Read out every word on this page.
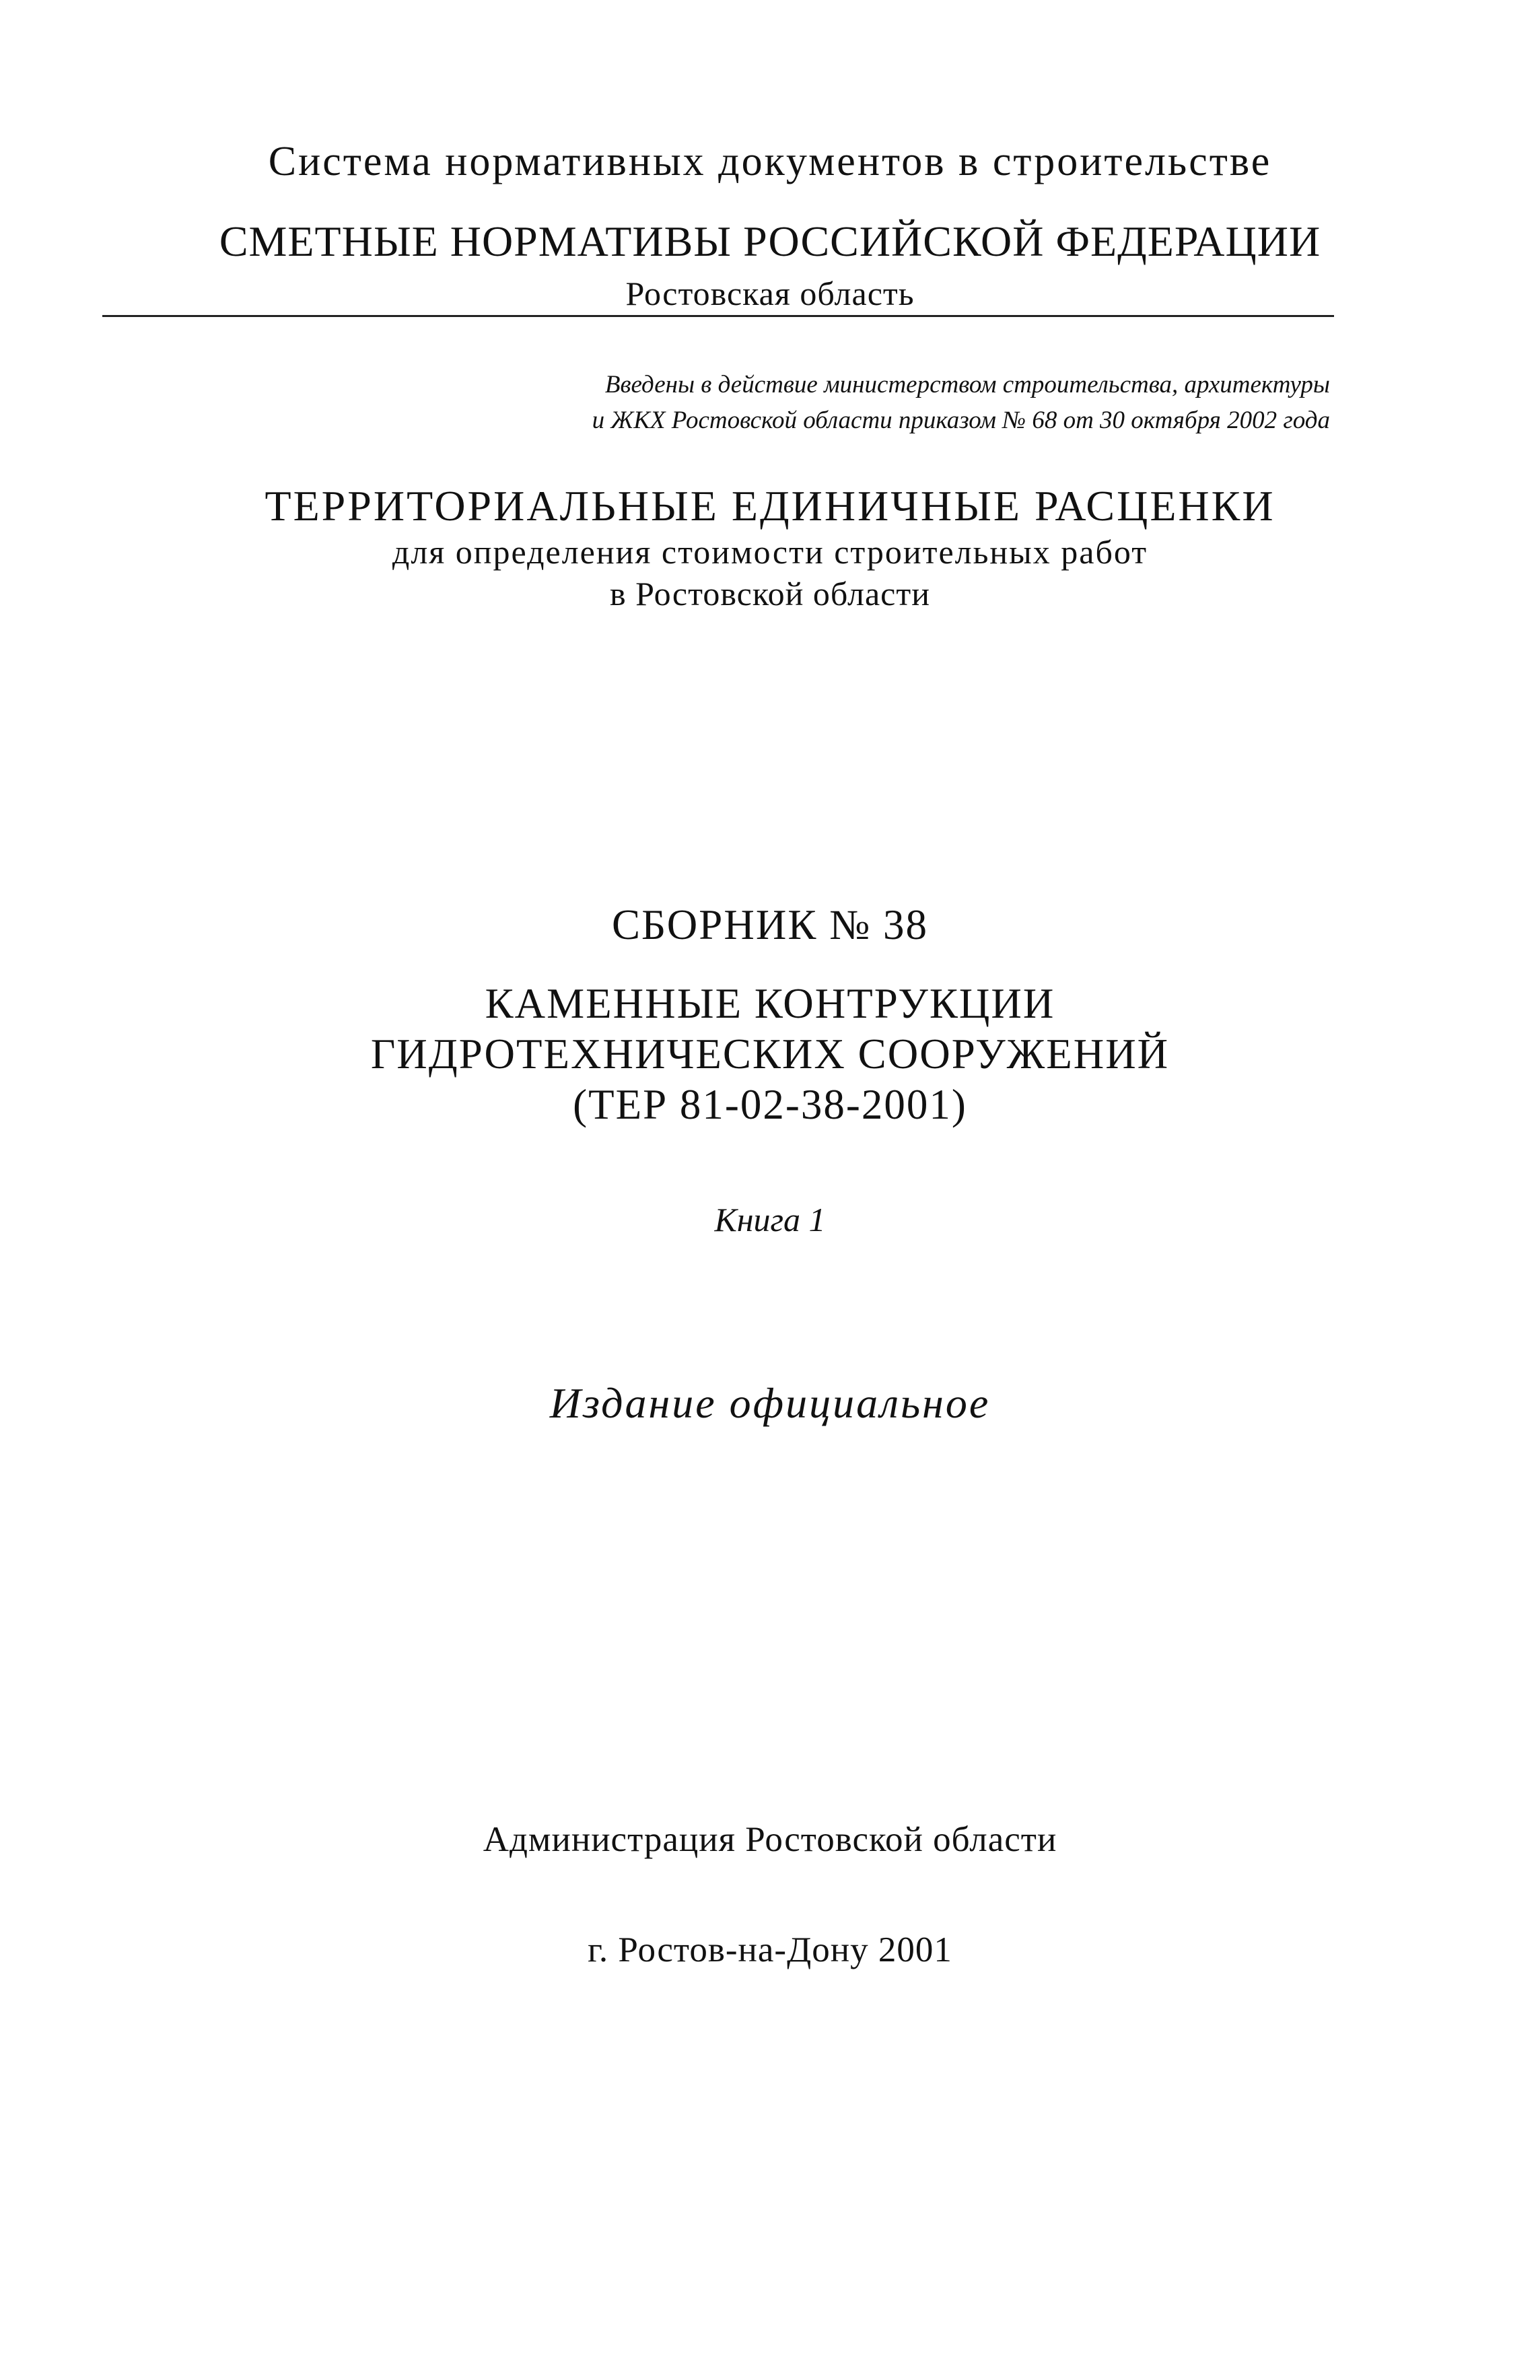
Система нормативных документов в строительстве
СМЕТНЫЕ НОРМАТИВЫ РОССИЙСКОЙ ФЕДЕРАЦИИ
Ростовская область
Введены в действие министерством строительства, архитектуры
и ЖКХ Ростовской области приказом № 68 от 30 октября 2002 года
ТЕРРИТОРИАЛЬНЫЕ ЕДИНИЧНЫЕ РАСЦЕНКИ
для определения стоимости строительных работ
в Ростовской области
СБОРНИК № 38
КАМЕННЫЕ КОНТРУКЦИИ
ГИДРОТЕХНИЧЕСКИХ СООРУЖЕНИЙ
(ТЕР 81-02-38-2001)
Книга 1
Издание официальное
Администрация Ростовской области
г. Ростов-на-Дону 2001
